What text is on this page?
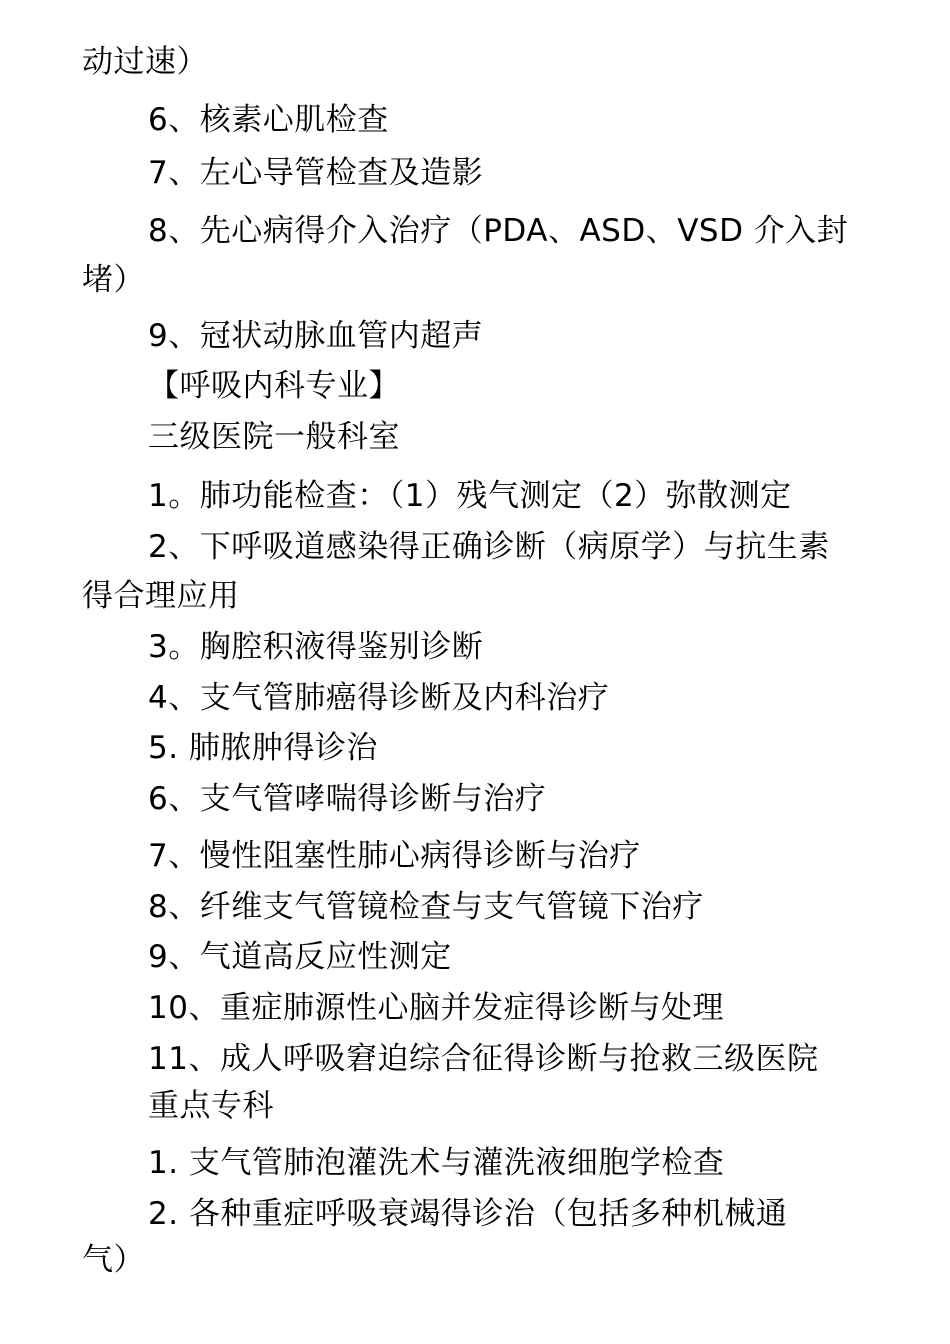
动过速）
6、核素心肌检查
7、左心导管检查及造影
8、先心病得介入治疗（PDA、ASD、VSD 介入封
堵）
9、冠状动脉血管内超声
【呼吸内科专业】
三级医院一般科室
1。肺功能检查：（1）残气测定（2）弥散测定
2、下呼吸道感染得正确诊断（病原学）与抗生素
得合理应用
3。胸腔积液得鉴别诊断
4、支气管肺癌得诊断及内科治疗
5. 肺脓肿得诊治
6、支气管哮喘得诊断与治疗
7、慢性阻塞性肺心病得诊断与治疗
8、纤维支气管镜检查与支气管镜下治疗
9、气道高反应性测定
10、重症肺源性心脑并发症得诊断与处理
11、成人呼吸窘迫综合征得诊断与抢救三级医院
重点专科
1. 支气管肺泡灌洗术与灌洗液细胞学检查
2. 各种重症呼吸衰竭得诊治（包括多种机械通
气）
